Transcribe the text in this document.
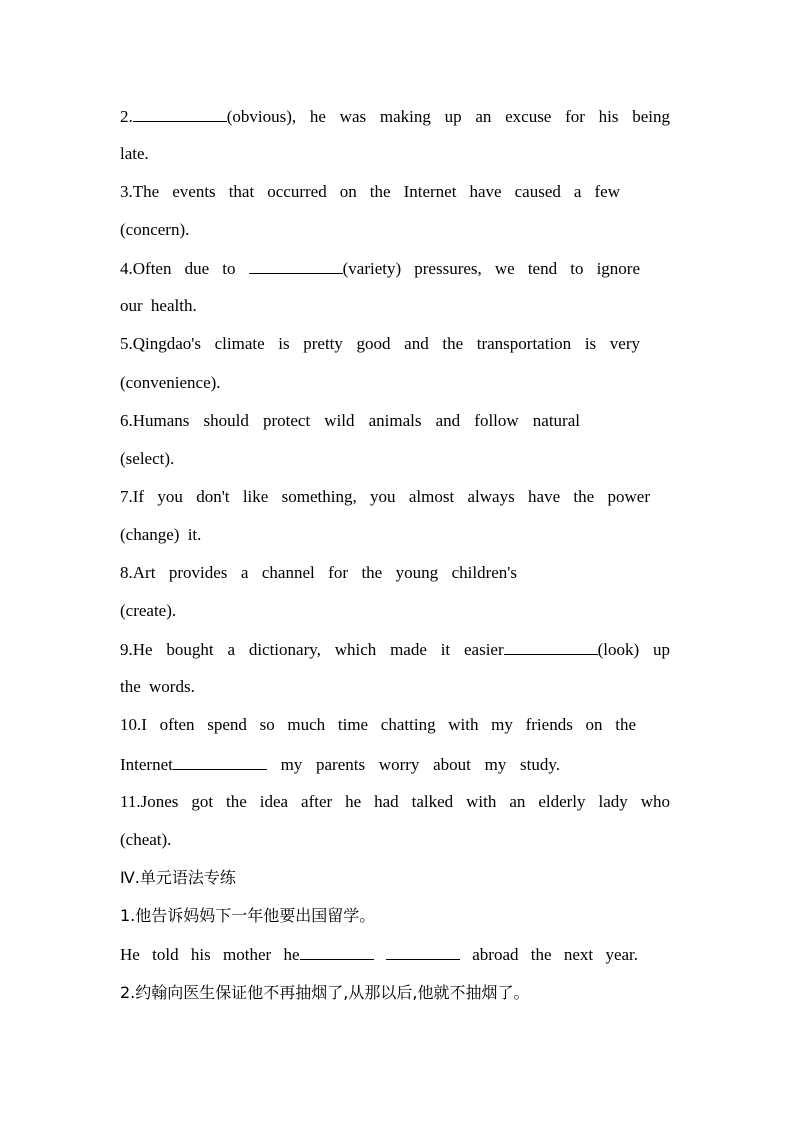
2.	(obvious), he was making up an excuse for his being
late.
3.The events that occurred on the Internet have caused a few
(concern).
4.Often due to	(variety) pressures, we tend to ignore
our health.
5.Qingdao's climate is pretty good and the transportation is very
(convenience).
6.Humans should protect wild animals and follow natural
(select).
7.If you don't like something, you almost always have the power
(change) it.
8.Art provides a channel for the young children's
(create).
9.He bought a dictionary, which made it easier	(look) up
the words.
10.I often spend so much time chatting with my friends on the
Internet	my parents worry about my study.
11.Jones got the idea after he had talked with an elderly lady who
(cheat).
Ⅳ.单元语法专练
1.他告诉妈妈下一年他要出国留学。
He told his mother he	abroad the next year.
2.约翰向医生保证他不再抽烟了,从那以后,他就不抽烟了。
